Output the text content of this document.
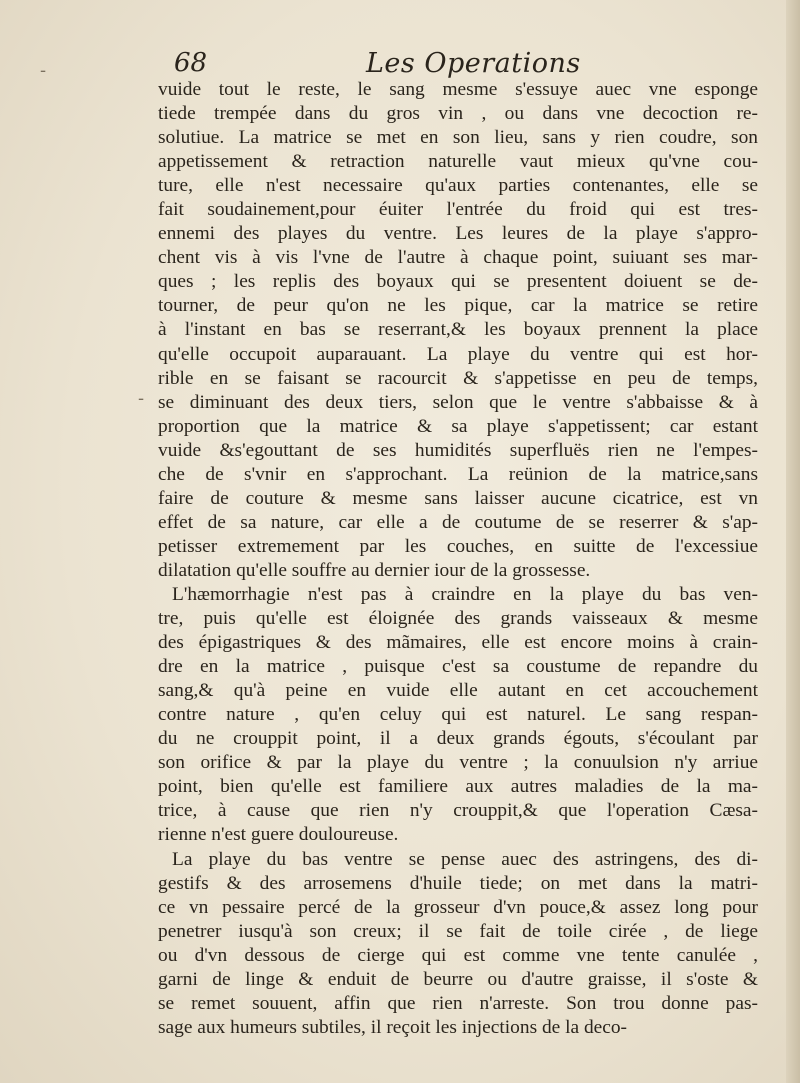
‐
‐
68	Les Operations
vuide tout le reste, le sang mesme s'essuye auec vne esponge
tiede trempée dans du gros vin , ou dans vne decoction re-
solutiue. La matrice se met en son lieu, sans y rien coudre, son
appetissement & retraction naturelle vaut mieux qu'vne cou-
ture, elle n'est necessaire qu'aux parties contenantes, elle se
fait soudainement,pour éuiter l'entrée du froid qui est tres-
ennemi des playes du ventre. Les leures de la playe s'appro-
chent vis à vis l'vne de l'autre à chaque point, suiuant ses mar-
ques ; les replis des boyaux qui se presentent doiuent se de-
tourner, de peur qu'on ne les pique, car la matrice se retire
à l'instant en bas se reserrant,& les boyaux prennent la place
qu'elle occupoit auparauant. La playe du ventre qui est hor-
rible en se faisant se racourcit & s'appetisse en peu de temps,
se diminuant des deux tiers, selon que le ventre s'abbaisse & à
proportion que la matrice & sa playe s'appetissent; car estant
vuide &s'egouttant de ses humidités superfluës rien ne l'empes-
che de s'vnir en s'approchant. La reünion de la matrice,sans
faire de couture & mesme sans laisser aucune cicatrice, est vn
effet de sa nature, car elle a de coutume de se reserrer & s'ap-
petisser extremement par les couches, en suitte de l'excessiue
dilatation qu'elle souffre au dernier iour de la grossesse.
L'hæmorrhagie n'est pas à craindre en la playe du bas ven-
tre, puis qu'elle est éloignée des grands vaisseaux & mesme
des épigastriques & des mãmaires, elle est encore moins à crain-
dre en la matrice , puisque c'est sa coustume de repandre du
sang,& qu'à peine en vuide elle autant en cet accouchement
contre nature , qu'en celuy qui est naturel. Le sang respan-
du ne crouppit point, il a deux grands égouts, s'écoulant par
son orifice & par la playe du ventre ; la conuulsion n'y arriue
point, bien qu'elle est familiere aux autres maladies de la ma-
trice, à cause que rien n'y crouppit,& que l'operation Cæsa-
rienne n'est guere douloureuse.
La playe du bas ventre se pense auec des astringens, des di-
gestifs & des arrosemens d'huile tiede; on met dans la matri-
ce vn pessaire percé de la grosseur d'vn pouce,& assez long pour
penetrer iusqu'à son creux; il se fait de toile cirée , de liege
ou d'vn dessous de cierge qui est comme vne tente canulée ,
garni de linge & enduit de beurre ou d'autre graisse, il s'oste &
se remet souuent, affin que rien n'arreste. Son trou donne pas-
sage aux humeurs subtiles, il reçoit les injections de la deco-
